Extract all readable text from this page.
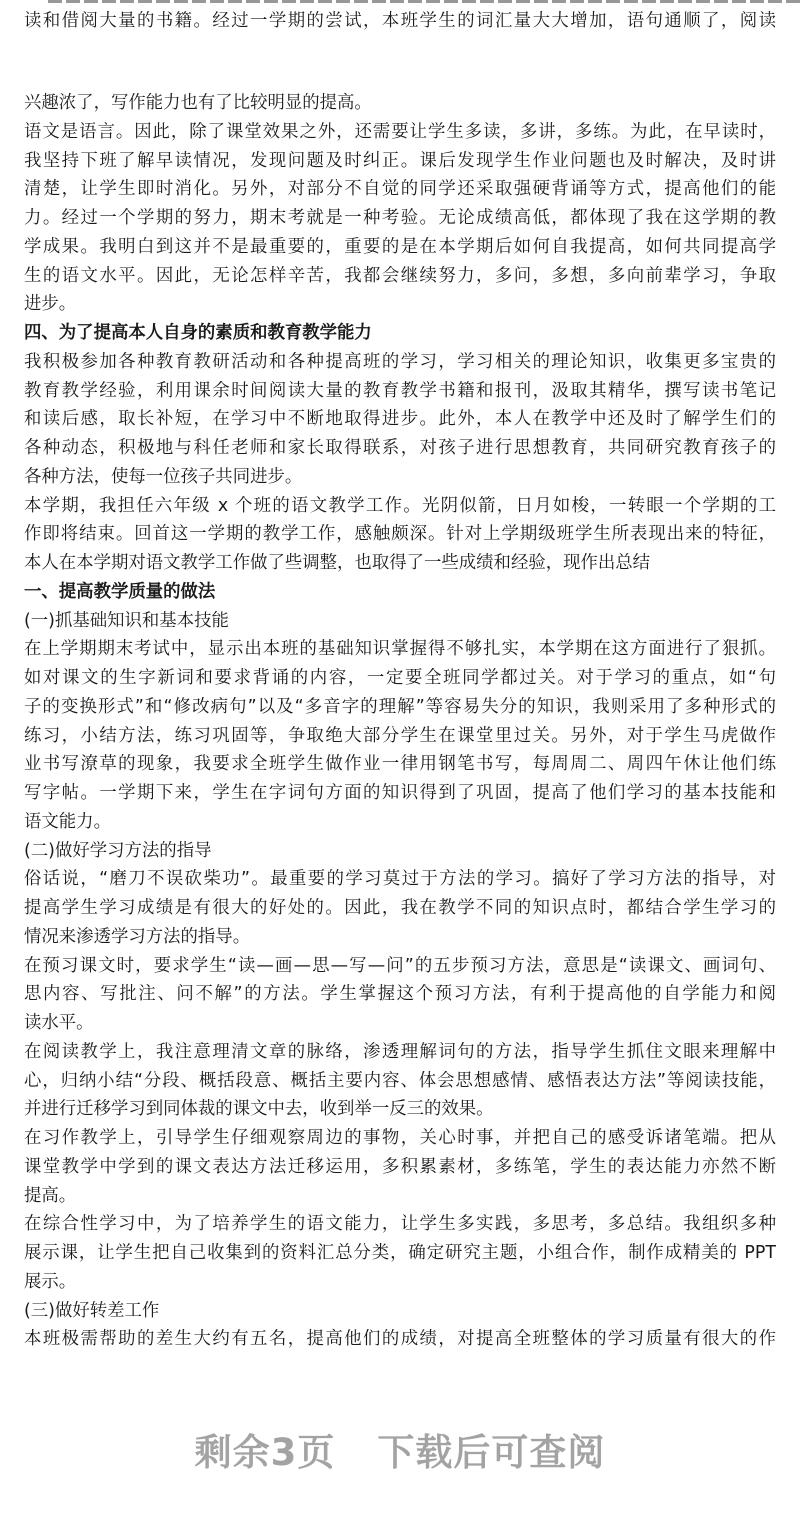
读和借阅大量的书籍。经过一学期的尝试，本班学生的词汇量大大增加，语句通顺了，阅读
兴趣浓了，写作能力也有了比较明显的提高。
语文是语言。因此，除了课堂效果之外，还需要让学生多读，多讲，多练。为此，在早读时，
我坚持下班了解早读情况，发现问题及时纠正。课后发现学生作业问题也及时解决，及时讲
清楚，让学生即时消化。另外，对部分不自觉的同学还采取强硬背诵等方式，提高他们的能
力。经过一个学期的努力，期末考就是一种考验。无论成绩高低，都体现了我在这学期的教
学成果。我明白到这并不是最重要的，重要的是在本学期后如何自我提高，如何共同提高学
生的语文水平。因此，无论怎样辛苦，我都会继续努力，多问，多想，多向前辈学习，争取
进步。
四、为了提高本人自身的素质和教育教学能力
我积极参加各种教育教研活动和各种提高班的学习，学习相关的理论知识，收集更多宝贵的
教育教学经验，利用课余时间阅读大量的教育教学书籍和报刊，汲取其精华，撰写读书笔记
和读后感，取长补短，在学习中不断地取得进步。此外，本人在教学中还及时了解学生们的
各种动态，积极地与科任老师和家长取得联系，对孩子进行思想教育，共同研究教育孩子的
各种方法，使每一位孩子共同进步。
本学期，我担任六年级 x 个班的语文教学工作。光阴似箭，日月如梭，一转眼一个学期的工
作即将结束。回首这一学期的教学工作，感触颇深。针对上学期级班学生所表现出来的特征，
本人在本学期对语文教学工作做了些调整，也取得了一些成绩和经验，现作出总结
一、提高教学质量的做法
(一)抓基础知识和基本技能
在上学期期末考试中，显示出本班的基础知识掌握得不够扎实，本学期在这方面进行了狠抓。
如对课文的生字新词和要求背诵的内容，一定要全班同学都过关。对于学习的重点，如“句
子的变换形式”和“修改病句”以及“多音字的理解”等容易失分的知识，我则采用了多种形式的
练习，小结方法，练习巩固等，争取绝大部分学生在课堂里过关。另外，对于学生马虎做作
业书写潦草的现象，我要求全班学生做作业一律用钢笔书写，每周周二、周四午休让他们练
写字帖。一学期下来，学生在字词句方面的知识得到了巩固，提高了他们学习的基本技能和
语文能力。
(二)做好学习方法的指导
俗话说，“磨刀不误砍柴功”。最重要的学习莫过于方法的学习。搞好了学习方法的指导，对
提高学生学习成绩是有很大的好处的。因此，我在教学不同的知识点时，都结合学生学习的
情况来渗透学习方法的指导。
在预习课文时，要求学生“读—画—思—写—问”的五步预习方法，意思是“读课文、画词句、
思内容、写批注、问不解”的方法。学生掌握这个预习方法，有利于提高他的自学能力和阅
读水平。
在阅读教学上，我注意理清文章的脉络，渗透理解词句的方法，指导学生抓住文眼来理解中
心，归纳小结“分段、概括段意、概括主要内容、体会思想感情、感悟表达方法”等阅读技能，
并进行迁移学习到同体裁的课文中去，收到举一反三的效果。
在习作教学上，引导学生仔细观察周边的事物，关心时事，并把自己的感受诉诸笔端。把从
课堂教学中学到的课文表达方法迁移运用，多积累素材，多练笔，学生的表达能力亦然不断
提高。
在综合性学习中，为了培养学生的语文能力，让学生多实践，多思考，多总结。我组织多种
展示课，让学生把自己收集到的资料汇总分类，确定研究主题，小组合作，制作成精美的 PPT
展示。
(三)做好转差工作
本班极需帮助的差生大约有五名，提高他们的成绩，对提高全班整体的学习质量有很大的作
剩余3页 下载后可查阅
